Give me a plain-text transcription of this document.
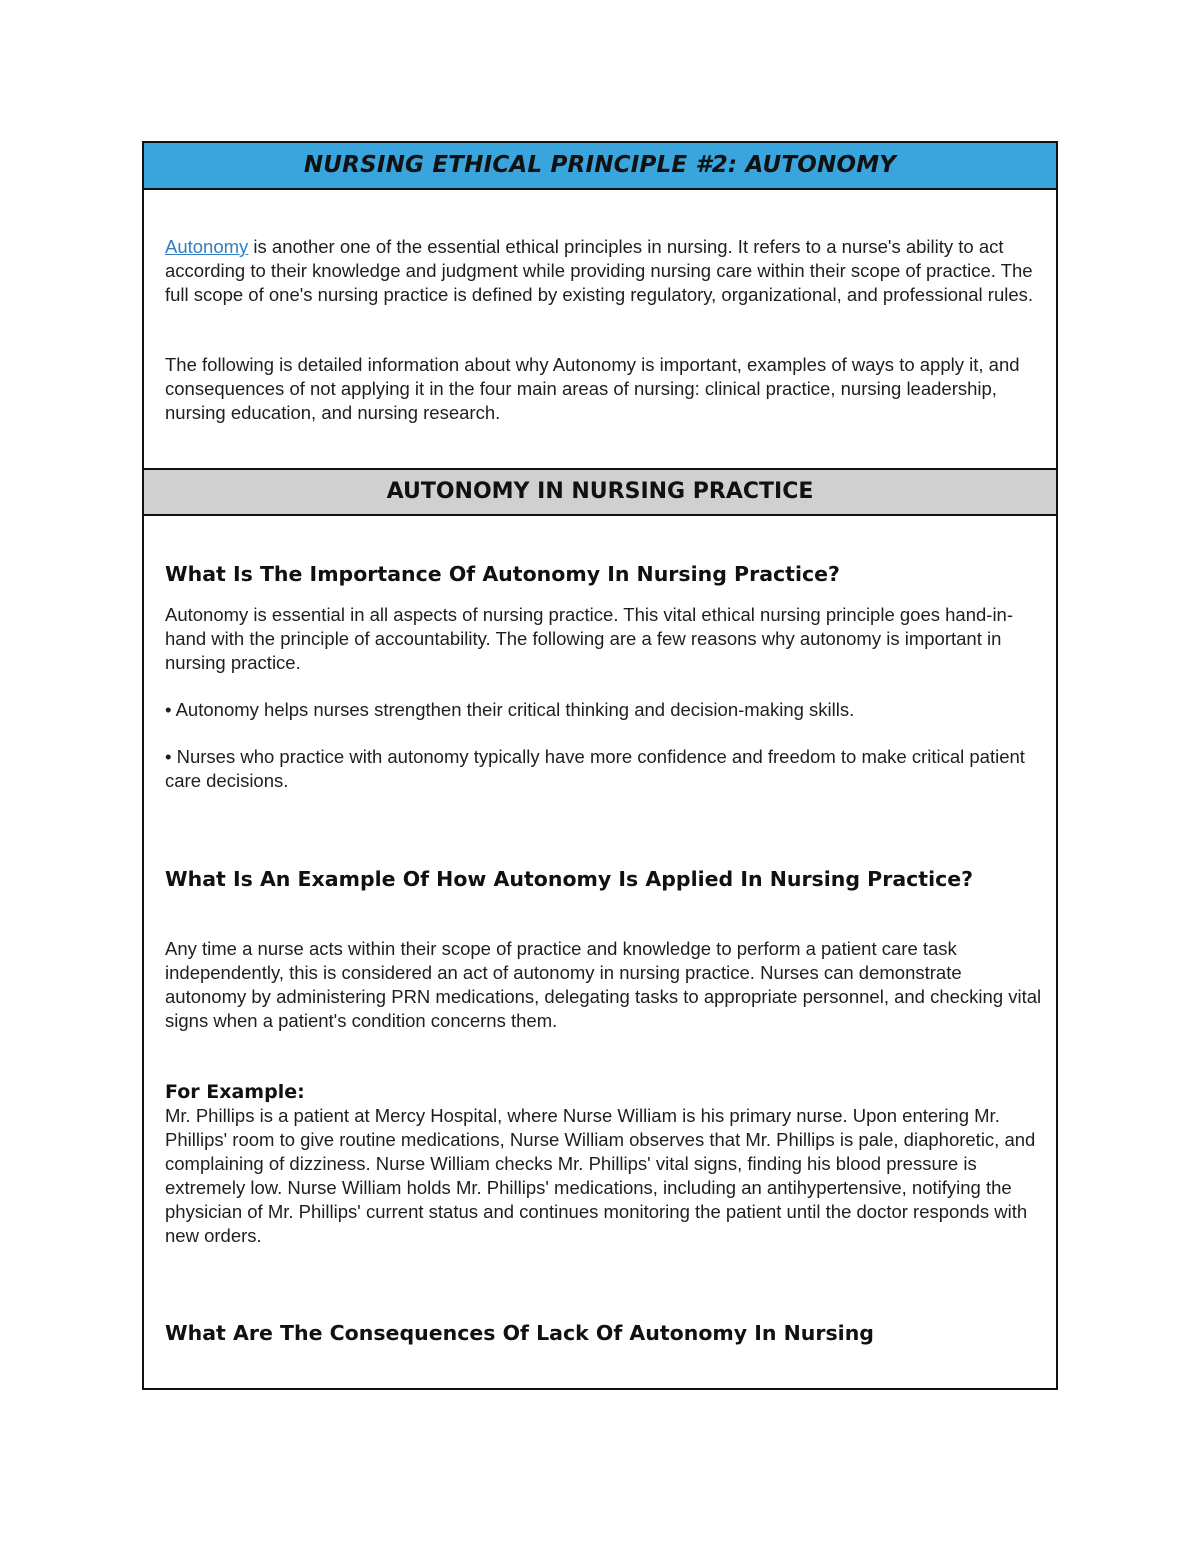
NURSING ETHICAL PRINCIPLE #2: AUTONOMY

Autonomy is another one of the essential ethical principles in nursing. It refers to a nurse's ability to act according to their knowledge and judgment while providing nursing care within their scope of practice. The full scope of one's nursing practice is defined by existing regulatory, organizational, and professional rules.

The following is detailed information about why Autonomy is important, examples of ways to apply it, and consequences of not applying it in the four main areas of nursing: clinical practice, nursing leadership, nursing education, and nursing research.

AUTONOMY IN NURSING PRACTICE
What Is The Importance Of Autonomy In Nursing Practice?

Autonomy is essential in all aspects of nursing practice. This vital ethical nursing principle goes hand-in-hand with the principle of accountability. The following are a few reasons why autonomy is important in nursing practice.

• Autonomy helps nurses strengthen their critical thinking and decision-making skills.

• Nurses who practice with autonomy typically have more confidence and freedom to make critical patient care decisions.

What Is An Example Of How Autonomy Is Applied In Nursing Practice?

Any time a nurse acts within their scope of practice and knowledge to perform a patient care task independently, this is considered an act of autonomy in nursing practice. Nurses can demonstrate autonomy by administering PRN medications, delegating tasks to appropriate personnel, and checking vital signs when a patient's condition concerns them.

For Example:
Mr. Phillips is a patient at Mercy Hospital, where Nurse William is his primary nurse. Upon entering Mr. Phillips' room to give routine medications, Nurse William observes that Mr. Phillips is pale, diaphoretic, and complaining of dizziness. Nurse William checks Mr. Phillips' vital signs, finding his blood pressure is extremely low. Nurse William holds Mr. Phillips' medications, including an antihypertensive, notifying the physician of Mr. Phillips' current status and continues monitoring the patient until the doctor responds with new orders.
What Are The Consequences Of Lack Of Autonomy In Nursing
